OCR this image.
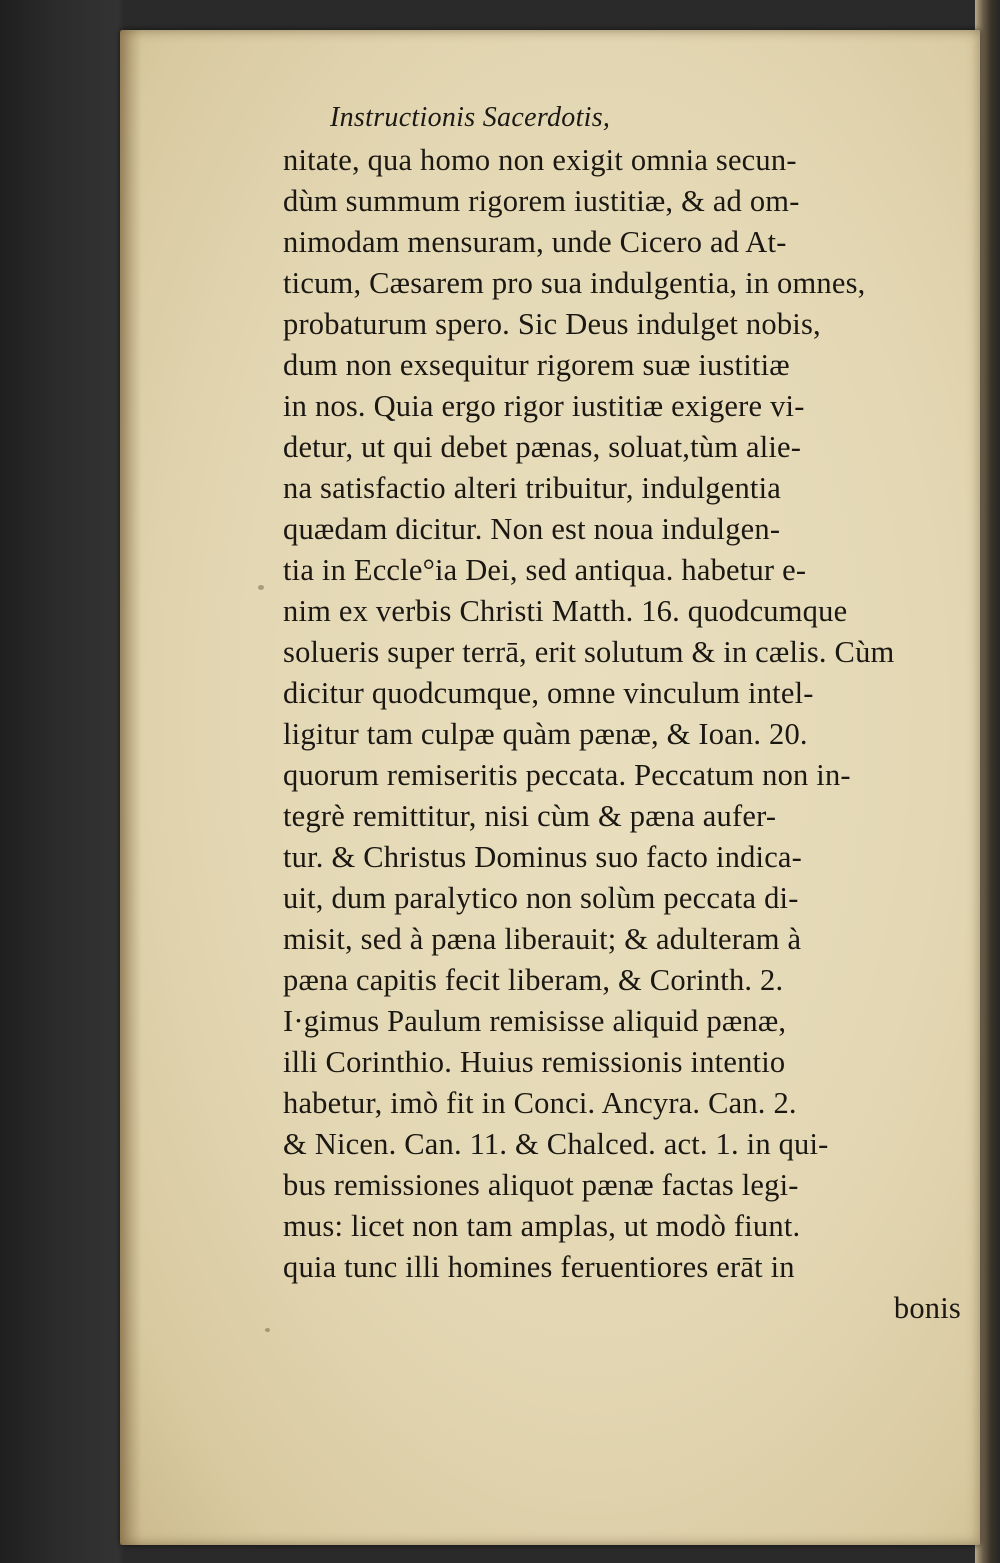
Instructionis Sacerdotis,
nitate, qua homo non exigit omnia secun-
dùm summum rigorem iustitiæ, & ad om-
nimodam mensuram, unde Cicero ad At-
ticum, Cæsarem pro sua indulgentia, in omnes,
probaturum spero. Sic Deus indulget nobis,
dum non exsequitur rigorem suæ iustitiæ
in nos. Quia ergo rigor iustitiæ exigere vi-
detur, ut qui debet pænas, soluat,tùm alie-
na satisfactio alteri tribuitur, indulgentia
quædam dicitur. Non est noua indulgen-
tia in Eccle°ia Dei, sed antiqua. habetur e-
nim ex verbis Christi Matth. 16. quodcumque
solueris super terrā, erit solutum & in cælis. Cùm
dicitur quodcumque, omne vinculum intel-
ligitur tam culpæ quàm pænæ, & Ioan. 20.
quorum remiseritis peccata. Peccatum non in-
tegrè remittitur, nisi cùm & pæna aufer-
tur. & Christus Dominus suo facto indica-
uit, dum paralytico non solùm peccata di-
misit, sed à pæna liberauit; & adulteram à
pæna capitis fecit liberam, & Corinth. 2.
I·gimus Paulum remisisse aliquid pænæ,
illi Corinthio. Huius remissionis intentio
habetur, imò fit in Conci. Ancyra. Can. 2.
& Nicen. Can. 11. & Chalced. act. 1. in qui-
bus remissiones aliquot pænæ factas legi-
mus: licet non tam amplas, ut modò fiunt.
quia tunc illi homines feruentiores erāt in
bonis
